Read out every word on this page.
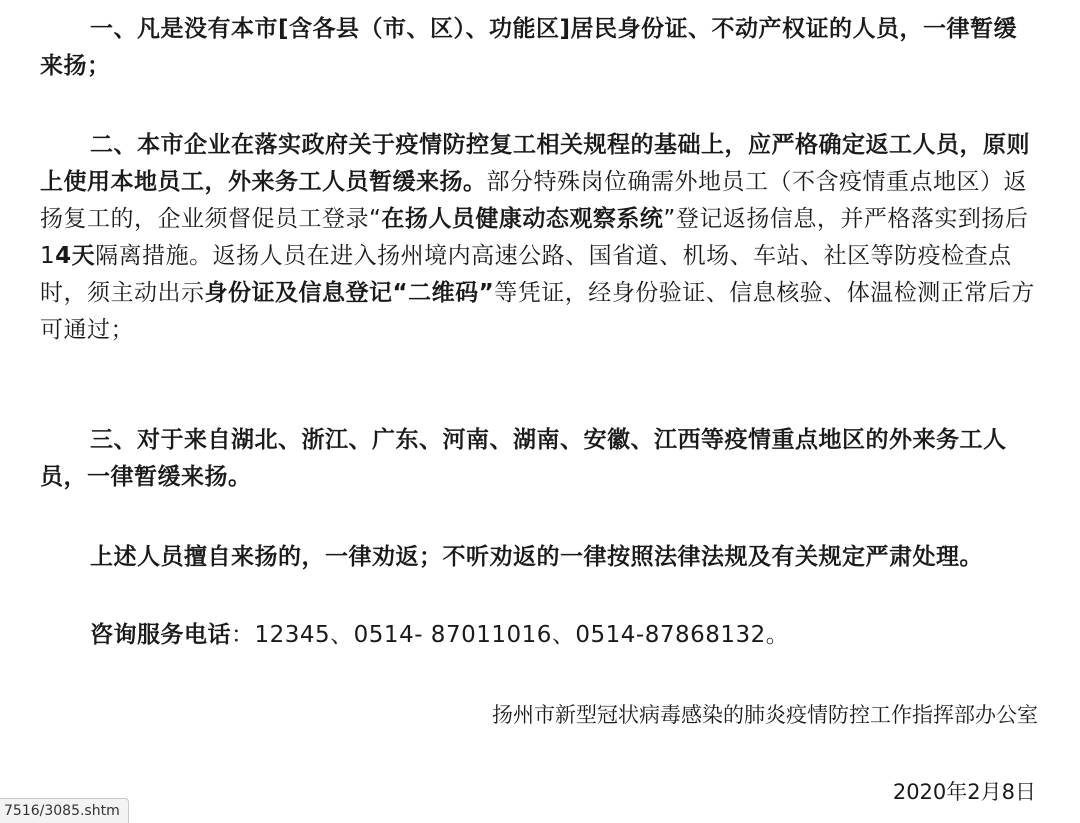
一、凡是没有本市[含各县（市、区）、功能区]居民身份证、不动产权证的人员，一律暂缓来扬；

二、本市企业在落实政府关于疫情防控复工相关规程的基础上，应严格确定返工人员，原则上使用本地员工，外来务工人员暂缓来扬。部分特殊岗位确需外地员工（不含疫情重点地区）返扬复工的，企业须督促员工登录“在扬人员健康动态观察系统”登记返扬信息，并严格落实到扬后14天隔离措施。返扬人员在进入扬州境内高速公路、国省道、机场、车站、社区等防疫检查点时，须主动出示身份证及信息登记“二维码”等凭证，经身份验证、信息核验、体温检测正常后方可通过；

三、对于来自湖北、浙江、广东、河南、湖南、安徽、江西等疫情重点地区的外来务工人员，一律暂缓来扬。

上述人员擅自来扬的，一律劝返；不听劝返的一律按照法律法规及有关规定严肃处理。

咨询服务电话：12345、0514- 87011016、0514-87868132。

扬州市新型冠状病毒感染的肺炎疫情防控工作指挥部办公室

2020年2月8日

7516/3085.shtm
